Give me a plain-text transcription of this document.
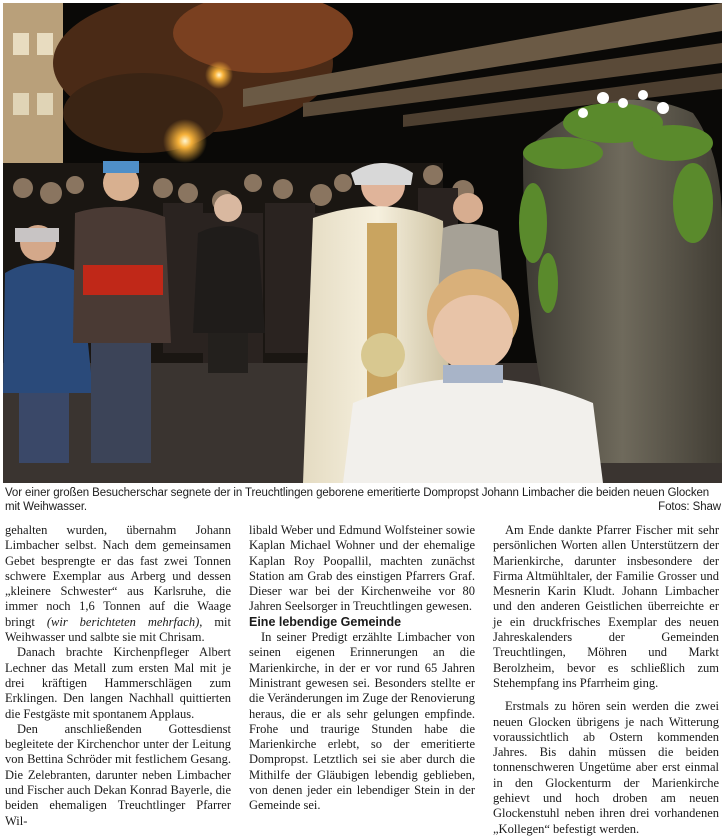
Vor einer großen Besucherschar segnete der in Treuchtlingen geborene emeritierte Dompropst Johann Limbacher die beiden neuen Glocken mit Weihwasser.	Fotos: Shaw

gehalten wurden, übernahm Johann Limbacher selbst. Nach dem gemeinsamen Gebet besprengte er das fast zwei Tonnen schwere Exemplar aus Arberg und dessen „kleinere Schwester“ aus Karlsruhe, die immer noch 1,6 Tonnen auf die Waage bringt (wir berichteten mehrfach), mit Weihwasser und salbte sie mit Chrisam.

Danach brachte Kirchenpfleger Albert Lechner das Metall zum ersten Mal mit je drei kräftigen Hammerschlägen zum Erklingen. Den langen Nachhall quittierten die Festgäste mit spontanem Applaus.

Den anschließenden Gottesdienst begleitete der Kirchenchor unter der Leitung von Bettina Schröder mit festlichem Gesang. Die Zelebranten, darunter neben Limbacher und Fischer auch Dekan Konrad Bayerle, die beiden ehemaligen Treuchtlinger Pfarrer Wil-

libald Weber und Edmund Wolfsteiner sowie Kaplan Michael Wohner und der ehemalige Kaplan Roy Poopallil, machten zunächst Station am Grab des einstigen Pfarrers Graf. Dieser war bei der Kirchenweihe vor 80 Jahren Seelsorger in Treuchtlingen gewesen.

Eine lebendige Gemeinde

In seiner Predigt erzählte Limbacher von seinen eigenen Erinnerungen an die Marienkirche, in der er vor rund 65 Jahren Ministrant gewesen sei. Besonders stellte er die Veränderungen im Zuge der Renovierung heraus, die er als sehr gelungen empfinde. Frohe und traurige Stunden habe die Marienkirche erlebt, so der emeritierte Dompropst. Letztlich sei sie aber durch die Mithilfe der Gläubigen lebendig geblieben, von denen jeder ein lebendiger Stein in der Gemeinde sei.

Am Ende dankte Pfarrer Fischer mit sehr persönlichen Worten allen Unterstützern der Marienkirche, darunter insbesondere der Firma Altmühltaler, der Familie Grosser und Mesnerin Karin Kludt. Johann Limbacher und den anderen Geistlichen überreichte er je ein druckfrisches Exemplar des neuen Jahreskalenders der Gemeinden Treuchtlingen, Möhren und Markt Berolzheim, bevor es schließlich zum Stehempfang ins Pfarrheim ging.

Erstmals zu hören sein werden die zwei neuen Glocken übrigens je nach Witterung voraussichtlich ab Ostern kommenden Jahres. Bis dahin müssen die beiden tonnenschweren Ungetüme aber erst einmal in den Glockenturm der Marienkirche gehievt und hoch droben am neuen Glockenstuhl neben ihren drei vorhandenen „Kollegen“ befestigt werden.
